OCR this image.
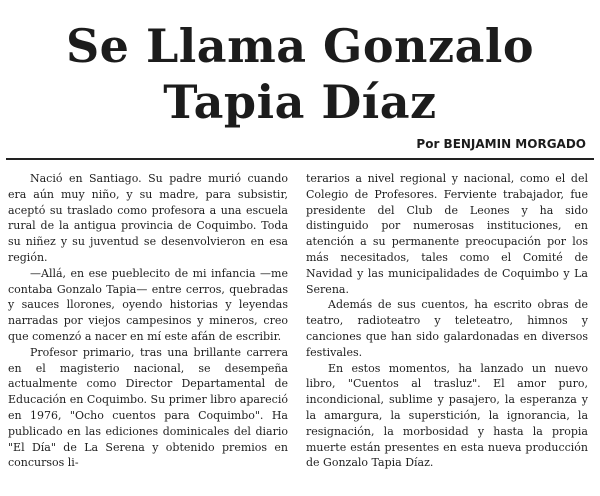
Se Llama Gonzalo
Tapia Díaz
Por BENJAMIN MORGADO

Nació en Santiago. Su padre murió cuando era aún muy niño, y su madre, para subsistir, aceptó su traslado como profesora a una escuela rural de la antigua provincia de Coquimbo. Toda su niñez y su juventud se desenvolvieron en esa región.

—Allá, en ese pueblecito de mi infancia —me contaba Gonzalo Tapia— entre cerros, quebradas y sauces llorones, oyendo historias y leyendas narradas por viejos campesinos y mineros, creo que comenzó a nacer en mí este afán de escribir.

Profesor primario, tras una brillante carrera en el magisterio nacional, se desempeña actualmente como Director Departamental de Educación en Coquimbo. Su primer libro apareció en 1976, "Ocho cuentos para Coquimbo". Ha publicado en las ediciones dominicales del diario "El Día" de La Serena y obtenido premios en concursos li-

terarios a nivel regional y nacional, como el del Colegio de Profesores. Ferviente trabajador, fue presidente del Club de Leones y ha sido distinguido por numerosas instituciones, en atención a su permanente preocupación por los más necesitados, tales como el Comité de Navidad y las municipalidades de Coquimbo y La Serena.

Además de sus cuentos, ha escrito obras de teatro, radioteatro y teleteatro, himnos y canciones que han sido galardonadas en diversos festivales.

En estos momentos, ha lanzado un nuevo libro, "Cuentos al trasluz". El amor puro, incondicional, sublime y pasajero, la esperanza y la amargura, la superstición, la ignorancia, la resignación, la morbosidad y hasta la propia muerte están presentes en esta nueva producción de Gonzalo Tapia Díaz.
